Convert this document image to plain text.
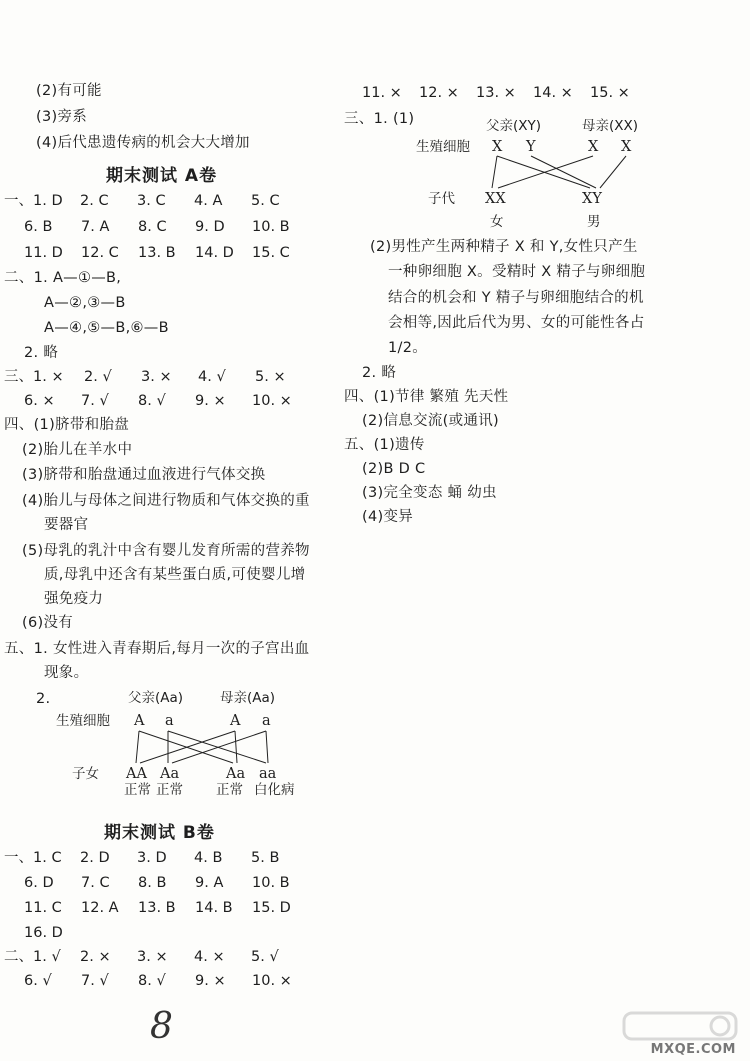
(2)有可能
(3)旁系
(4)后代患遗传病的机会大大增加
期末测试 A卷
一、1. D	2. C	3. C	4. A	5. C
6. B	7. A	8. C	9. D	10. B
11. D	12. C	13. B	14. D	15. C
二、1. A—①—B,
A—②,③—B
A—④,⑤—B,⑥—B
2. 略
三、1. ×	2. √	3. ×	4. √	5. ×
6. ×	7. √	8. √	9. ×	10. ×
四、(1)脐带和胎盘
(2)胎儿在羊水中
(3)脐带和胎盘通过血液进行气体交换
(4)胎儿与母体之间进行物质和气体交换的重
要器官
(5)母乳的乳汁中含有婴儿发育所需的营养物
质,母乳中还含有某些蛋白质,可使婴儿增
强免疫力
(6)没有
五、1. 女性进入青春期后,每月一次的子宫出血
现象。
2.	父亲(Aa)	母亲(Aa)
生殖细胞 A a	A a
子女 AA Aa	Aa aa
正常 正常 正常 白化病
期末测试 B卷
一、1. C	2. D	3. D	4. B	5. B
6. D	7. C	8. B	9. A	10. B
11. C	12. A	13. B	14. B	15. D
16. D
二、1. √	2. ×	3. ×	4. ×	5. √
6. √	7. √	8. √	9. ×	10. ×
8
11. ×	12. ×	13. ×	14. ×	15. ×
三、1. (1)	父亲(XY)	母亲(XX)
生殖细胞 X Y	X X
子代 XX	XY
女	男
(2)男性产生两种精子 X 和 Y,女性只产生
一种卵细胞 X。受精时 X 精子与卵细胞
结合的机会和 Y 精子与卵细胞结合的机
会相等,因此后代为男、女的可能性各占
1/2。
2. 略
四、(1)节律 繁殖 先天性
(2)信息交流(或通讯)
五、(1)遗传
(2)B D C
(3)完全变态 蛹 幼虫
(4)变异
MXQE.COM
